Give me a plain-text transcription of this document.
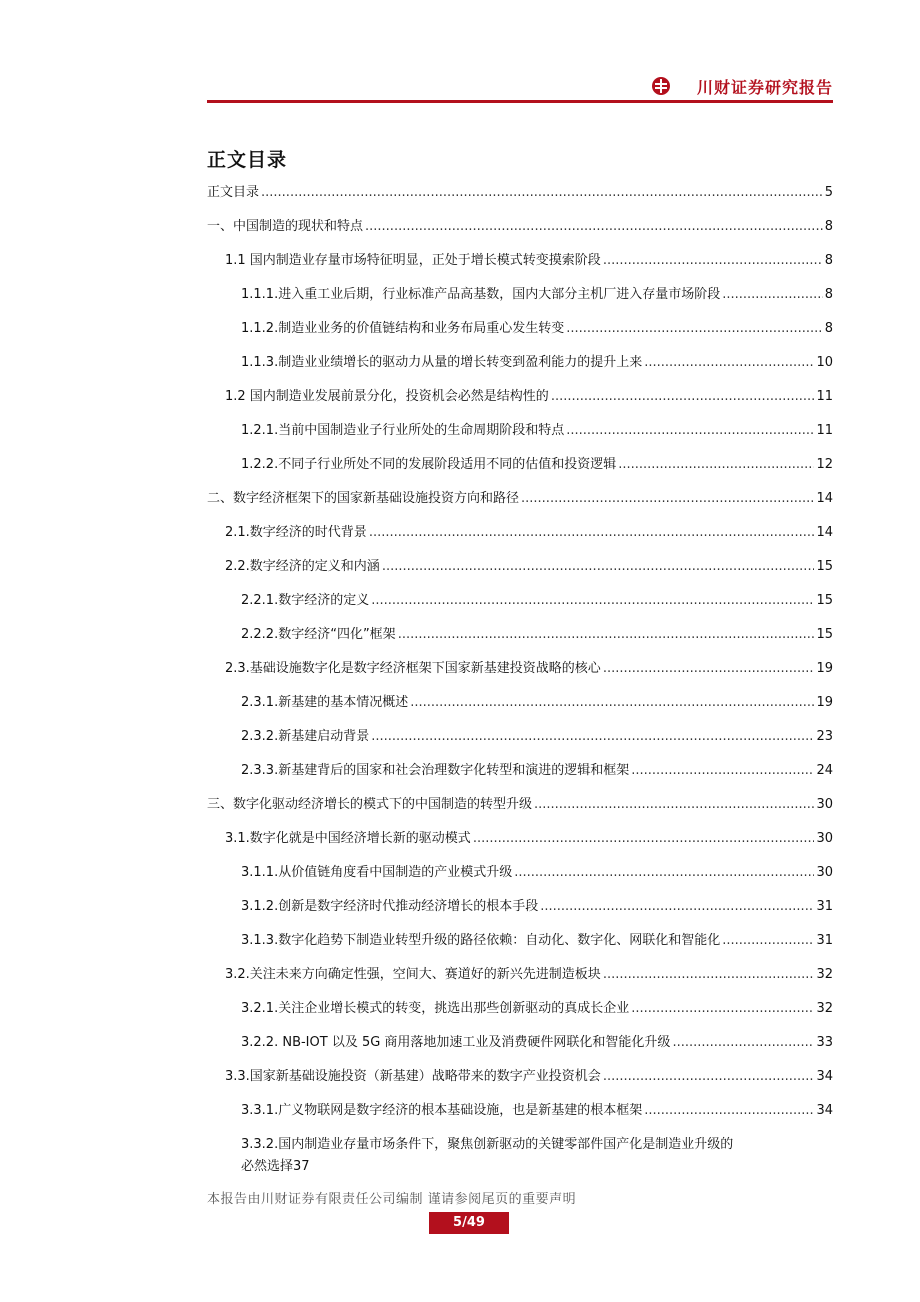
川财证券研究报告
正文目录
正文目录 .....	5
一、中国制造的现状和特点 .....	8
1.1 国内制造业存量市场特征明显，正处于增长模式转变摸索阶段 .....	8
1.1.1.进入重工业后期，行业标准产品高基数，国内大部分主机厂进入存量市场阶段 .....	8
1.1.2.制造业业务的价值链结构和业务布局重心发生转变 .....	8
1.1.3.制造业业绩增长的驱动力从量的增长转变到盈利能力的提升上来 .....	10
1.2 国内制造业发展前景分化，投资机会必然是结构性的 .....	11
1.2.1.当前中国制造业子行业所处的生命周期阶段和特点 .....	11
1.2.2.不同子行业所处不同的发展阶段适用不同的估值和投资逻辑 .....	12
二、数字经济框架下的国家新基础设施投资方向和路径 .....	14
2.1.数字经济的时代背景 .....	14
2.2.数字经济的定义和内涵 .....	15
2.2.1.数字经济的定义 .....	15
2.2.2.数字经济“四化”框架 .....	15
2.3.基础设施数字化是数字经济框架下国家新基建投资战略的核心 .....	19
2.3.1.新基建的基本情况概述 .....	19
2.3.2.新基建启动背景 .....	23
2.3.3.新基建背后的国家和社会治理数字化转型和演进的逻辑和框架 .....	24
三、数字化驱动经济增长的模式下的中国制造的转型升级 .....	30
3.1.数字化就是中国经济增长新的驱动模式 .....	30
3.1.1.从价值链角度看中国制造的产业模式升级 .....	30
3.1.2.创新是数字经济时代推动经济增长的根本手段 .....	31
3.1.3.数字化趋势下制造业转型升级的路径依赖：自动化、数字化、网联化和智能化 .....	31
3.2.关注未来方向确定性强，空间大、赛道好的新兴先进制造板块 .....	32
3.2.1.关注企业增长模式的转变，挑选出那些创新驱动的真成长企业 .....	32
3.2.2. NB-IOT 以及 5G 商用落地加速工业及消费硬件网联化和智能化升级 .....	33
3.3.国家新基础设施投资（新基建）战略带来的数字产业投资机会 .....	34
3.3.1.广义物联网是数字经济的根本基础设施，也是新基建的根本框架 .....	34
3.3.2.国内制造业存量市场条件下，聚焦创新驱动的关键零部件国产化是制造业升级的
必然选择37
本报告由川财证券有限责任公司编制 谨请参阅尾页的重要声明
5/49
